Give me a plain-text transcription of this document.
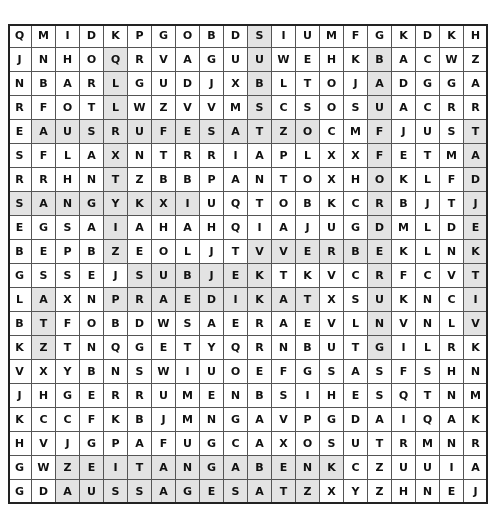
Q	M	I	D	K	P	G	O	B	D	S	I	U	M	F	G	K	D	K	H
J	N	H	O	Q	R	V	A	G	U	U	W	E	H	K	B	A	C	W	Z
N	B	A	R	L	G	U	D	J	X	B	L	T	O	J	A	D	G	G	A
R	F	O	T	L	W	Z	V	V	M	S	C	S	O	S	U	A	C	R	R
E	A	U	S	R	U	F	E	S	A	T	Z	O	C	M	F	J	U	S	T
S	F	L	A	X	N	T	R	R	I	A	P	L	X	X	F	E	T	M	A
R	R	H	N	T	Z	B	B	P	A	N	T	O	X	H	O	K	L	F	D
S	A	N	G	Y	K	X	I	U	Q	T	O	B	K	C	R	B	J	T	J
E	G	S	A	I	A	H	A	H	Q	I	A	J	U	G	D	M	L	D	E
B	E	P	B	Z	E	O	L	J	T	V	V	E	R	B	E	K	L	N	K
G	S	S	E	J	S	U	B	J	E	K	T	K	V	C	R	F	C	V	T
L	A	X	N	P	R	A	E	D	I	K	A	T	X	S	U	K	N	C	I
B	T	F	O	B	D	W	S	A	E	R	A	E	V	L	N	V	N	L	V
K	Z	T	N	Q	G	E	T	Y	Q	R	N	B	U	T	G	I	L	R	K
V	X	Y	B	N	S	W	I	U	O	E	F	G	S	A	S	F	S	H	N
J	H	G	E	R	R	U	M	E	N	B	S	I	H	E	S	Q	T	N	M
K	C	C	F	K	B	J	M	N	G	A	V	P	G	D	A	I	Q	A	K
H	V	J	G	P	A	F	U	G	C	A	X	O	S	U	T	R	M	N	R
G	W	Z	E	I	T	A	N	G	A	B	E	N	K	C	Z	U	U	I	A
G	D	A	U	S	S	A	G	E	S	A	T	Z	X	Y	Z	H	N	E	J
